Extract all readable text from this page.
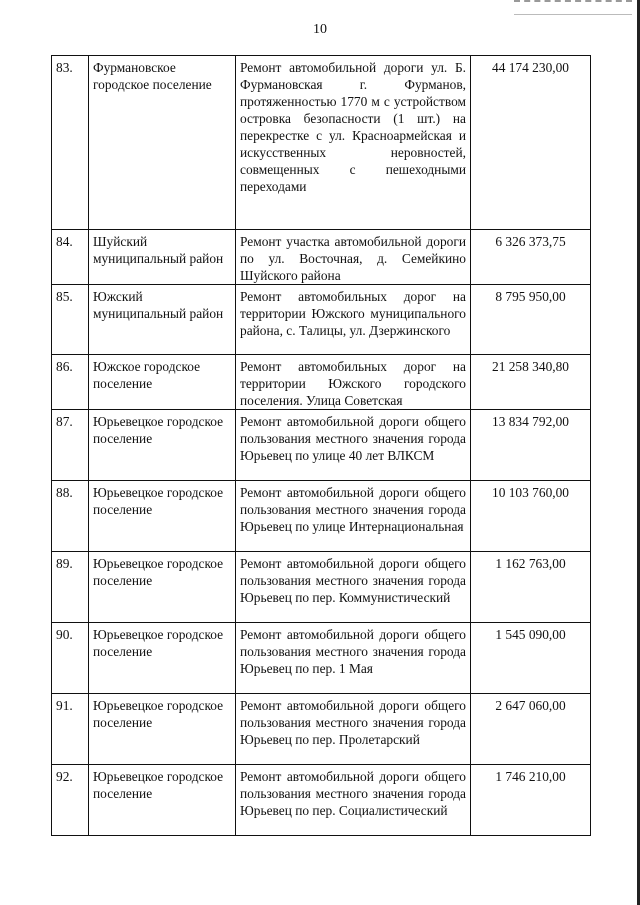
10
83.	Фурмановское городское поселение	Ремонт автомобильной дороги ул. Б. Фурмановская г. Фурманов, протяженностью 1770 м с устройством островка безопасности (1 шт.) на перекрестке с ул. Красноармейская и искусственных неровностей, совмещенных с пешеходными переходами	44 174 230,00
84.	Шуйский муниципальный район	Ремонт участка автомобильной дороги по ул. Восточная, д. Семейкино Шуйского района	6 326 373,75
85.	Южский муниципальный район	Ремонт автомобильных дорог на территории Южского муниципального района, с. Талицы, ул. Дзержинского	8 795 950,00
86.	Южское городское поселение	Ремонт автомобильных дорог на территории Южского городского поселения. Улица Советская	21 258 340,80
87.	Юрьевецкое городское поселение	Ремонт автомобильной дороги общего пользования местного значения города Юрьевец по улице 40 лет ВЛКСМ	13 834 792,00
88.	Юрьевецкое городское поселение	Ремонт автомобильной дороги общего пользования местного значения города Юрьевец по улице Интернациональная	10 103 760,00
89.	Юрьевецкое городское поселение	Ремонт автомобильной дороги общего пользования местного значения города Юрьевец по пер. Коммунистический	1 162 763,00
90.	Юрьевецкое городское поселение	Ремонт автомобильной дороги общего пользования местного значения города Юрьевец по пер. 1 Мая	1 545 090,00
91.	Юрьевецкое городское поселение	Ремонт автомобильной дороги общего пользования местного значения города Юрьевец по пер. Пролетарский	2 647 060,00
92.	Юрьевецкое городское поселение	Ремонт автомобильной дороги общего пользования местного значения города Юрьевец по пер. Социалистический	1 746 210,00
